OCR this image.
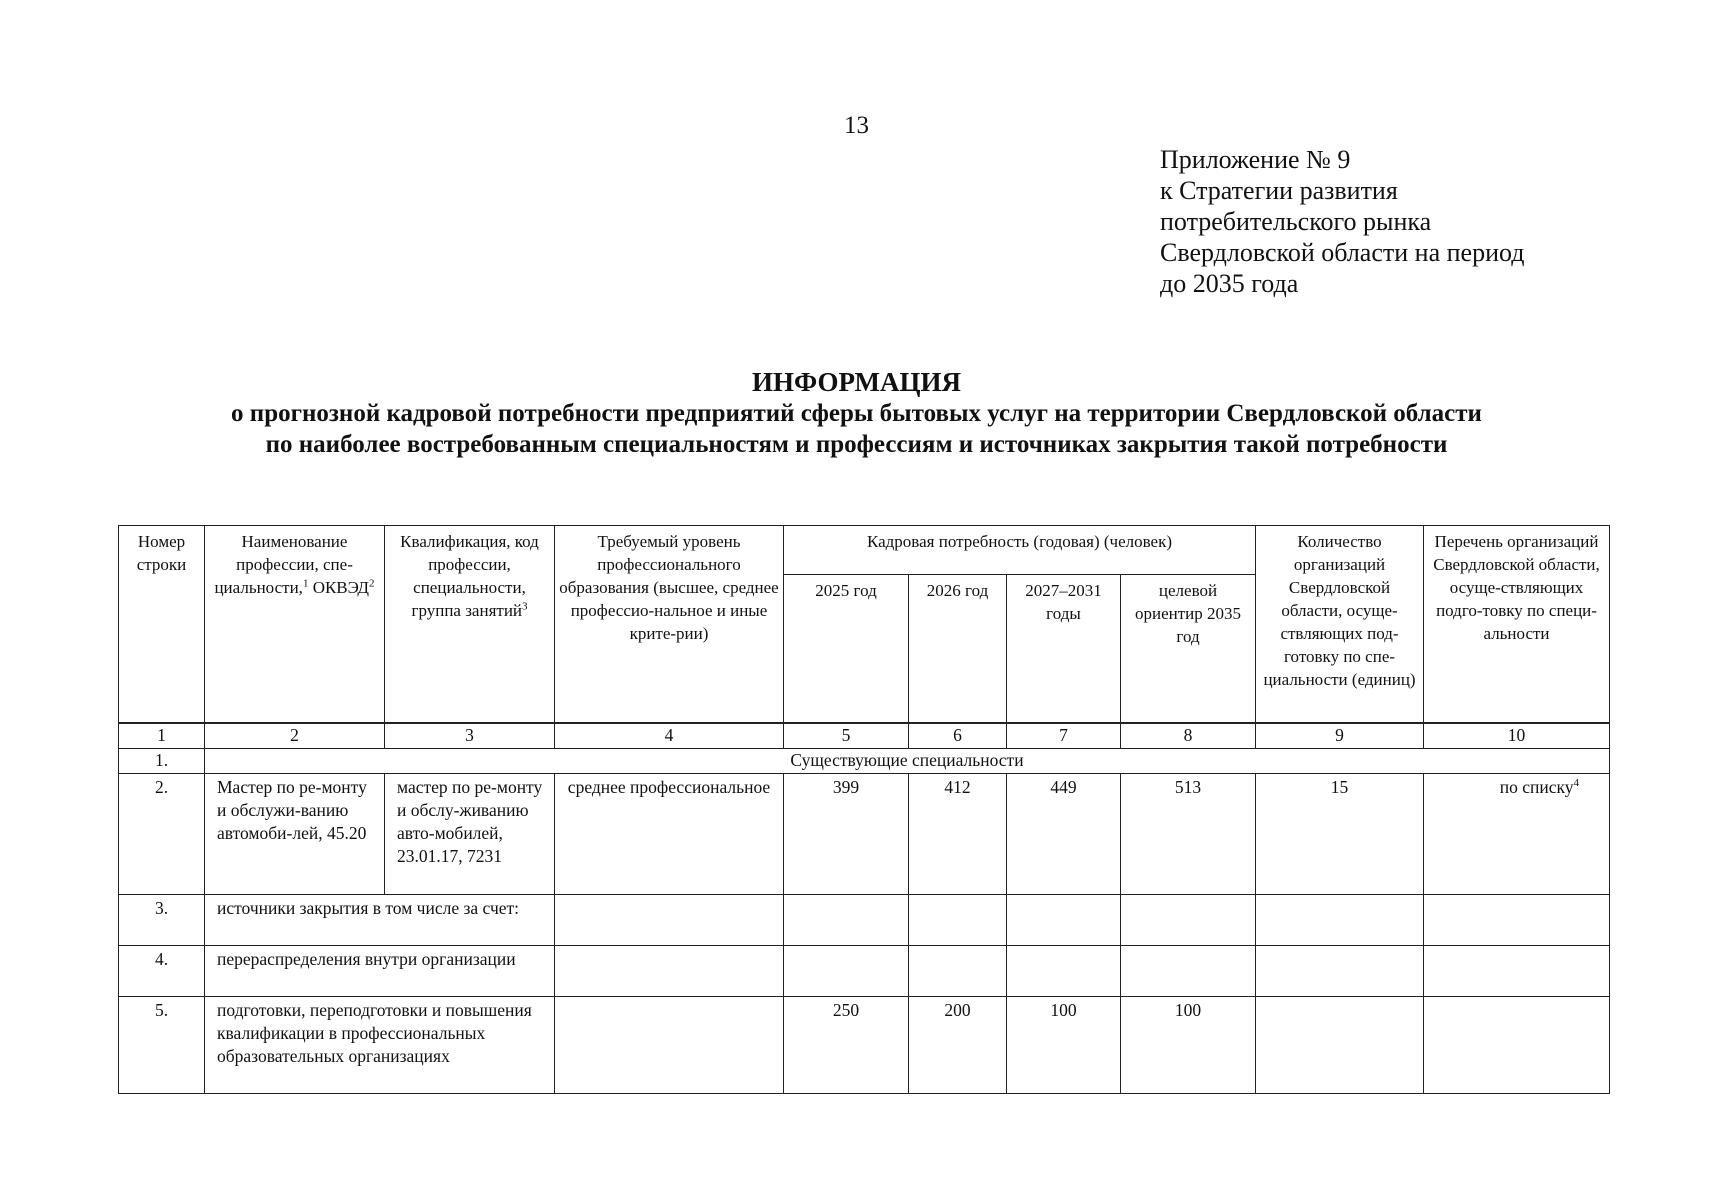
13
Приложение № 9
к Стратегии развития
потребительского рынка
Свердловской области на период
до 2035 года
ИНФОРМАЦИЯ
о прогнозной кадровой потребности предприятий сферы бытовых услуг на территории Свердловской области
по наиболее востребованным специальностям и профессиям и источниках закрытия такой потребности
Номер строки	Наименование профессии, спе-циальности,$^1$ ОКВЭД$^2$	Квалификация, код профессии, специальности, группа занятий$^3$	Требуемый уровень профессионального образования (высшее, среднее профессио-нальное и иные крите-рии)	Кадровая потребность (годовая) (человек)				Количество организаций Свердловской области, осуще-ствляющих под-готовку по спе-циальности (единиц)	Перечень организаций Свердловской области, осуще-ствляющих подго-товку по специ-альности
				2025 год	2026 год	2027–2031 годы	целевой ориентир 2035 год		
1	2	3	4	5	6	7	8	9	10
1.	Существующие специальности								
2.	Мастер по ре-монту и обслужи-ванию автомоби-лей, 45.20	мастер по ре-монту и обслу-живанию авто-мобилей, 23.01.17, 7231	среднее профессиональное	399	412	449	513	15	по списку$^4$
3.	источники закрытия в том числе за счет:								
4.	перераспределения внутри организации								
5.	подготовки, переподготовки и повышения квалификации в профессиональных образовательных организациях			250	200	100	100		
